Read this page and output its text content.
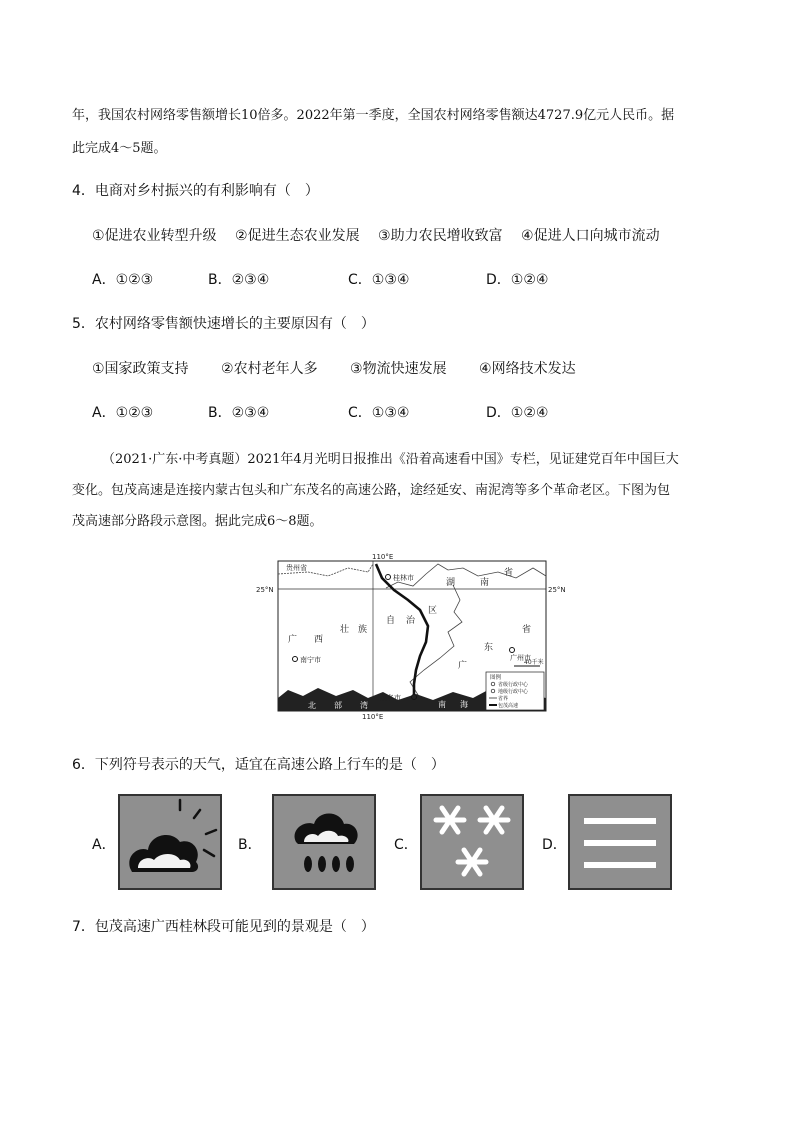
年，我国农村网络零售额增长10倍多。2022年第一季度，全国农村网络零售额达4727.9亿元人民币。据
此完成4～5题。
4．电商对乡村振兴的有利影响有（　）
①促进农业转型升级 ②促进生态农业发展 ③助力农民增收致富 ④促进人口向城市流动
A．①②③	B．②③④	C．①③④	D．①②④
5．农村网络零售额快速增长的主要原因有（　）
①国家政策支持 ②农村老年人多 ③物流快速发展 ④网络技术发达
A．①②③	B．②③④	C．①③④	D．①②④
（2021·广东·中考真题）2021年4月光明日报推出《沿着高速看中国》专栏，见证建党百年中国巨大
变化。包茂高速是连接内蒙古包头和广东茂名的高速公路，途经延安、南泥湾等多个革命老区。下图为包
茂高速部分路段示意图。据此完成6～8题。
110°E
25°N	25°N
贵州省
湖	南
省
广 西
壮 族
自 治
区
广
东
省
桂林市
南宁市	广州市
茂名市
40千米
北 部 湾	南 海
图例
省级行政中心
地级行政中心
省界
包茂高速
110°E
6．下列符号表示的天气，适宜在高速公路上行车的是（　）
A．	B．	C．	D．
7．包茂高速广西桂林段可能见到的景观是（　）
